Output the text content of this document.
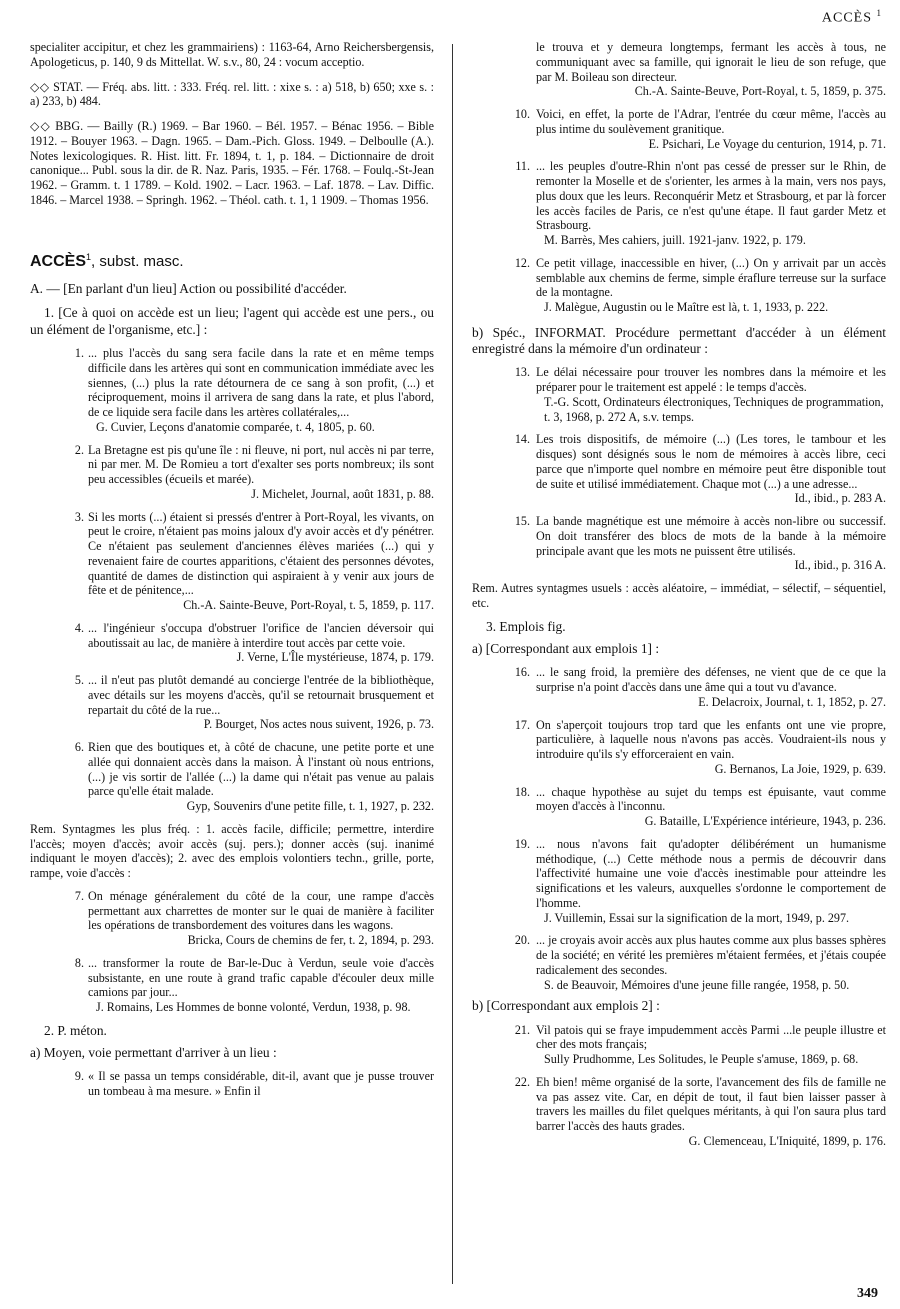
ACCÈS $^1$

specialiter accipitur, et chez les grammairiens) : 1163-64, Arno Reichersbergensis, Apologeticus, p. 140, 9 ds Mittellat. W. s.v., 80, 24 : vocum acceptio.

◇◇ STAT. — Fréq. abs. litt. : 333. Fréq. rel. litt. : xixe s. : a) 518, b) 650; xxe s. : a) 233, b) 484.

◇◇ BBG. — Bailly (R.) 1969. – Bar 1960. – Bél. 1957. – Bénac 1956. – Bible 1912. – Bouyer 1963. – Dagn. 1965. – Dam.-Pich. Gloss. 1949. – Delboulle (A.). Notes lexicologiques. R. Hist. litt. Fr. 1894, t. 1, p. 184. – Dictionnaire de droit canonique... Publ. sous la dir. de R. Naz. Paris, 1935. – Fér. 1768. – Foulq.-St-Jean 1962. – Gramm. t. 1 1789. – Kold. 1902. – Lacr. 1963. – Laf. 1878. – Lav. Diffic. 1846. – Marcel 1938. – Springh. 1962. – Théol. cath. t. 1, 1 1909. – Thomas 1956.

ACCÈS$^1$, subst. masc.

A. — [En parlant d'un lieu] Action ou possibilité d'accéder.

1. [Ce à quoi on accède est un lieu; l'agent qui accède est une pers., ou un élément de l'organisme, etc.] :

1. ... plus l'accès du sang sera facile dans la rate et en même temps difficile dans les artères qui sont en communication immédiate avec les siennes, (...) plus la rate détournera de ce sang à son profit, (...) et réciproquement, moins il arrivera de sang dans la rate, et plus l'abord, de ce liquide sera facile dans les artères collatérales,...
G. Cuvier, Leçons d'anatomie comparée, t. 4, 1805, p. 60.
2. La Bretagne est pis qu'une île : ni fleuve, ni port, nul accès ni par terre, ni par mer. M. De Romieu a tort d'exalter ses ports nombreux; ils sont peu accessibles (écueils et marée).
J. Michelet, Journal, août 1831, p. 88.
3. Si les morts (...) étaient si pressés d'entrer à Port-Royal, les vivants, on peut le croire, n'étaient pas moins jaloux d'y avoir accès et d'y pénétrer. Ce n'étaient pas seulement d'anciennes élèves mariées (...) qui y revenaient faire de courtes apparitions, c'étaient des personnes dévotes, quantité de dames de distinction qui aspiraient à y venir aux jours de fête et de pénitence,...
Ch.-A. Sainte-Beuve, Port-Royal, t. 5, 1859, p. 117.
4. ... l'ingénieur s'occupa d'obstruer l'orifice de l'ancien déversoir qui aboutissait au lac, de manière à interdire tout accès par cette voie.
J. Verne, L'Île mystérieuse, 1874, p. 179.
5. ... il n'eut pas plutôt demandé au concierge l'entrée de la bibliothèque, avec détails sur les moyens d'accès, qu'il se retournait brusquement et repartait du côté de la rue...
P. Bourget, Nos actes nous suivent, 1926, p. 73.
6. Rien que des boutiques et, à côté de chacune, une petite porte et une allée qui donnaient accès dans la maison. À l'instant où nous entrions, (...) je vis sortir de l'allée (...) la dame qui n'était pas venue au palais parce qu'elle était malade.
Gyp, Souvenirs d'une petite fille, t. 1, 1927, p. 232.

Rem. Syntagmes les plus fréq. : 1. accès facile, difficile; permettre, interdire l'accès; moyen d'accès; avoir accès (suj. pers.); donner accès (suj. inanimé indiquant le moyen d'accès); 2. avec des emplois volontiers techn., grille, porte, rampe, voie d'accès :

7. On ménage généralement du côté de la cour, une rampe d'accès permettant aux charrettes de monter sur le quai de manière à faciliter les opérations de transbordement des voitures dans les wagons.
Bricka, Cours de chemins de fer, t. 2, 1894, p. 293.
8. ... transformer la route de Bar-le-Duc à Verdun, seule voie d'accès subsistante, en une route à grand trafic capable d'écouler deux mille camions par jour...
J. Romains, Les Hommes de bonne volonté, Verdun, 1938, p. 98.

2. P. méton.

a) Moyen, voie permettant d'arriver à un lieu :

9. « Il se passa un temps considérable, dit-il, avant que je pusse trouver un tombeau à ma mesure. » Enfin il
le trouva et y demeura longtemps, fermant les accès à tous, ne communiquant avec sa famille, qui ignorait le lieu de son refuge, que par M. Boileau son directeur.
Ch.-A. Sainte-Beuve, Port-Royal, t. 5, 1859, p. 375.
10. Voici, en effet, la porte de l'Adrar, l'entrée du cœur même, l'accès au plus intime du soulèvement granitique.
E. Psichari, Le Voyage du centurion, 1914, p. 71.
11. ... les peuples d'outre-Rhin n'ont pas cessé de presser sur le Rhin, de remonter la Moselle et de s'orienter, les armes à la main, vers nos pays, plus doux que les leurs. Reconquérir Metz et Strasbourg, et par là forcer les accès faciles de Paris, ce n'est qu'une étape. Il faut garder Metz et Strasbourg.
M. Barrès, Mes cahiers, juill. 1921-janv. 1922, p. 179.
12. Ce petit village, inaccessible en hiver, (...) On y arrivait par un accès semblable aux chemins de ferme, simple éraflure terreuse sur la surface de la montagne.
J. Malègue, Augustin ou le Maître est là, t. 1, 1933, p. 222.

b) Spéc., INFORMAT. Procédure permettant d'accéder à un élément enregistré dans la mémoire d'un ordinateur :

13. Le délai nécessaire pour trouver les nombres dans la mémoire et les préparer pour le traitement est appelé : le temps d'accès.
T.-G. Scott, Ordinateurs électroniques, Techniques de programmation, t. 3, 1968, p. 272 A, s.v. temps.
14. Les trois dispositifs, de mémoire (...) (Les tores, le tambour et les disques) sont désignés sous le nom de mémoires à accès libre, ceci parce que n'importe quel nombre en mémoire peut être disponible tout de suite et utilisé immédiatement. Chaque mot (...) a une adresse...
Id., ibid., p. 283 A.
15. La bande magnétique est une mémoire à accès non-libre ou successif. On doit transférer des blocs de mots de la bande à la mémoire principale avant que les mots ne puissent être utilisés.
Id., ibid., p. 316 A.

Rem. Autres syntagmes usuels : accès aléatoire, – immédiat, – sélectif, – séquentiel, etc.

3. Emplois fig.

a) [Correspondant aux emplois 1] :

16. ... le sang froid, la première des défenses, ne vient que de ce que la surprise n'a point d'accès dans une âme qui a tout vu d'avance.
E. Delacroix, Journal, t. 1, 1852, p. 27.
17. On s'aperçoit toujours trop tard que les enfants ont une vie propre, particulière, à laquelle nous n'avons pas accès. Voudraient-ils nous y introduire qu'ils s'y efforceraient en vain.
G. Bernanos, La Joie, 1929, p. 639.
18. ... chaque hypothèse au sujet du temps est épuisante, vaut comme moyen d'accès à l'inconnu.
G. Bataille, L'Expérience intérieure, 1943, p. 236.
19. ... nous n'avons fait qu'adopter délibérément un humanisme méthodique, (...) Cette méthode nous a permis de découvrir dans l'affectivité humaine une voie d'accès inestimable pour atteindre les significations et les valeurs, auxquelles s'ordonne le comportement de l'homme.
J. Vuillemin, Essai sur la signification de la mort, 1949, p. 297.
20. ... je croyais avoir accès aux plus hautes comme aux plus basses sphères de la société; en vérité les premières m'étaient fermées, et j'étais coupée radicalement des secondes.
S. de Beauvoir, Mémoires d'une jeune fille rangée, 1958, p. 50.

b) [Correspondant aux emplois 2] :

21. Vil patois qui se fraye impudemment accès Parmi ...le peuple illustre et cher des mots français;
Sully Prudhomme, Les Solitudes, le Peuple s'amuse, 1869, p. 68.
22. Eh bien! même organisé de la sorte, l'avancement des fils de famille ne va pas assez vite. Car, en dépit de tout, il faut bien laisser passer à travers les mailles du filet quelques méritants, à qui l'on saura plus tard barrer l'accès des hauts grades.
G. Clemenceau, L'Iniquité, 1899, p. 176.
349
